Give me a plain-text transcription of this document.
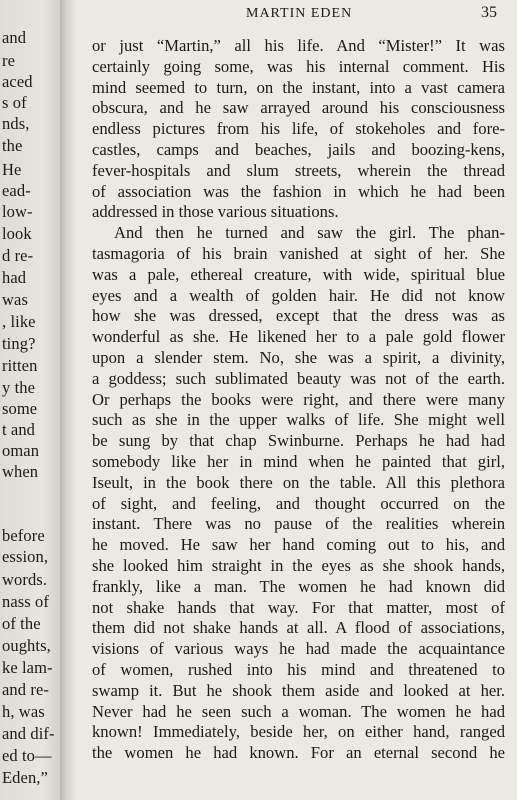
and
re
aced
s of
nds,
the
He
ead-
low-
look
d re-
had
was
, like
ting?
ritten
y the
some
t and
oman
when
before
ession,
words.
nass of
of the
oughts,
ke lam-
and re-
h, was
and dif-
ed to—
Eden,”
MARTIN EDEN	35
or just “Martin,” all his life. And “Mister!” It was
certainly going some, was his internal comment. His
mind seemed to turn, on the instant, into a vast camera
obscura, and he saw arrayed around his consciousness
endless pictures from his life, of stokeholes and fore-
castles, camps and beaches, jails and boozing-kens,
fever-hospitals and slum streets, wherein the thread
of association was the fashion in which he had been
addressed in those various situations.
And then he turned and saw the girl. The phan-
tasmagoria of his brain vanished at sight of her. She
was a pale, ethereal creature, with wide, spiritual blue
eyes and a wealth of golden hair. He did not know
how she was dressed, except that the dress was as
wonderful as she. He likened her to a pale gold flower
upon a slender stem. No, she was a spirit, a divinity,
a goddess; such sublimated beauty was not of the earth.
Or perhaps the books were right, and there were many
such as she in the upper walks of life. She might well
be sung by that chap Swinburne. Perhaps he had had
somebody like her in mind when he painted that girl,
Iseult, in the book there on the table. All this plethora
of sight, and feeling, and thought occurred on the
instant. There was no pause of the realities wherein
he moved. He saw her hand coming out to his, and
she looked him straight in the eyes as she shook hands,
frankly, like a man. The women he had known did
not shake hands that way. For that matter, most of
them did not shake hands at all. A flood of associations,
visions of various ways he had made the acquaintance
of women, rushed into his mind and threatened to
swamp it. But he shook them aside and looked at her.
Never had he seen such a woman. The women he had
known! Immediately, beside her, on either hand, ranged
the women he had known. For an eternal second he
